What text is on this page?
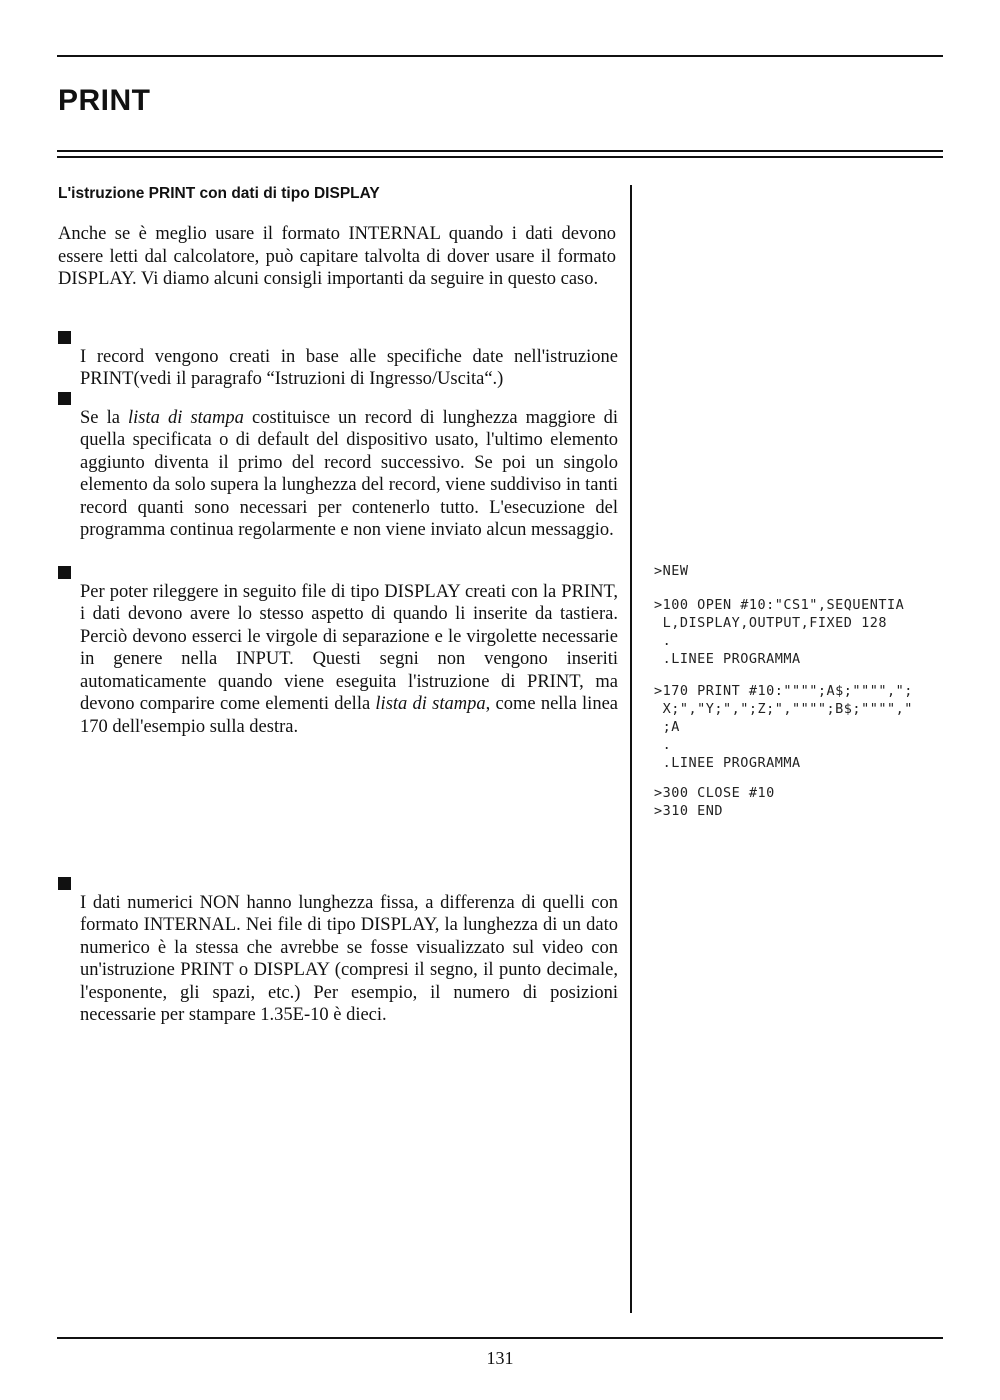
PRINT
L'istruzione PRINT con dati di tipo DISPLAY

Anche se è meglio usare il formato INTERNAL quando i dati devono essere letti dal calcolatore, può capitare talvolta di dover usare il formato DISPLAY. Vi diamo alcuni consigli importanti da seguire in questo caso.

I record vengono creati in base alle specifiche date nell'istruzione PRINT(vedi il paragrafo “Istruzioni di Ingresso/Uscita“.)

Se la lista di stampa costituisce un record di lunghezza maggiore di quella specificata o di default del dispositivo usato, l'ultimo elemento aggiunto diventa il primo del record successivo. Se poi un singolo elemento da solo supera la lunghezza del record, viene suddiviso in tanti record quanti sono necessari per contenerlo tutto. L'esecuzione del programma continua regolarmente e non viene inviato alcun messaggio.

Per poter rileggere in seguito file di tipo DISPLAY creati con la PRINT, i dati devono avere lo stesso aspetto di quando li inserite da tastiera. Perciò devono esserci le virgole di separazione e le virgolette necessarie in genere nella INPUT. Questi segni non vengono inseriti automaticamente quando viene eseguita l'istruzione di PRINT, ma devono comparire come elementi della lista di stampa, come nella linea 170 dell'esempio sulla destra.

I dati numerici NON hanno lunghezza fissa, a differenza di quelli con formato INTERNAL. Nei file di tipo DISPLAY, la lunghezza di un dato numerico è la stessa che avrebbe se fosse visualizzato sul video con un'istruzione PRINT o DISPLAY (compresi il segno, il punto decimale, l'esponente, gli spazi, etc.) Per esempio, il numero di posizioni necessarie per stampare 1.35E-10 è dieci.

>NEW
>100 OPEN #10:"CS1",SEQUENTIA
L,DISPLAY,OUTPUT,FIXED 128
.
.LINEE PROGRAMMA
>170 PRINT #10:"""";A$;"""",";
X;","Y;",";Z;","""";B$;"""","
;A
.
.LINEE PROGRAMMA
>300 CLOSE #10
>310 END
131
